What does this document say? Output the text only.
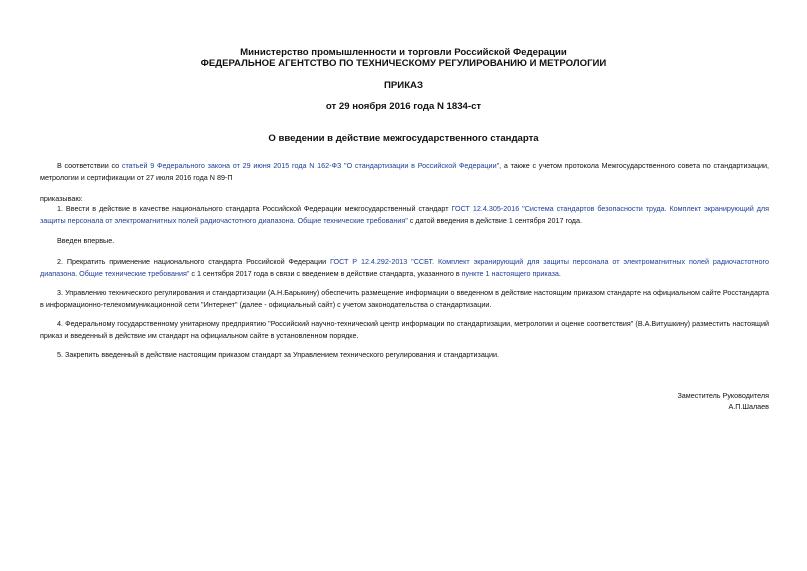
Министерство промышленности и торговли Российской Федерации
ФЕДЕРАЛЬНОЕ АГЕНТСТВО ПО ТЕХНИЧЕСКОМУ РЕГУЛИРОВАНИЮ И МЕТРОЛОГИИ
ПРИКАЗ
от 29 ноября 2016 года N 1834-ст
О введении в действие межгосударственного стандарта
В соответствии со статьей 9 Федерального закона от 29 июня 2015 года N 162-ФЗ "О стандартизации в Российской Федерации", а также с учетом протокола Межгосударственного совета по стандартизации, метрологии и сертификации от 27 июля 2016 года N 89-П
приказываю:
1. Ввести в действие в качестве национального стандарта Российской Федерации межгосударственный стандарт ГОСТ 12.4.305-2016 "Система стандартов безопасности труда. Комплект экранирующий для защиты персонала от электромагнитных полей радиочастотного диапазона. Общие технические требования" с датой введения в действие 1 сентября 2017 года.
Введен впервые.
2. Прекратить применение национального стандарта Российской Федерации ГОСТ Р 12.4.292-2013 "ССБТ. Комплект экранирующий для защиты персонала от электромагнитных полей радиочастотного диапазона. Общие технические требования" с 1 сентября 2017 года в связи с введением в действие стандарта, указанного в пункте 1 настоящего приказа.
3. Управлению технического регулирования и стандартизации (А.Н.Барыкину) обеспечить размещение информации о введенном в действие настоящим приказом стандарте на официальном сайте Росстандарта в информационно-телекоммуникационной сети "Интернет" (далее - официальный сайт) с учетом законодательства о стандартизации.
4. Федеральному государственному унитарному предприятию "Российский научно-технический центр информации по стандартизации, метрологии и оценке соответствия" (В.А.Витушкину) разместить настоящий приказ и введенный в действие им стандарт на официальном сайте в установленном порядке.
5. Закрепить введенный в действие настоящим приказом стандарт за Управлением технического регулирования и стандартизации.
Заместитель Руководителя
А.П.Шалаев
